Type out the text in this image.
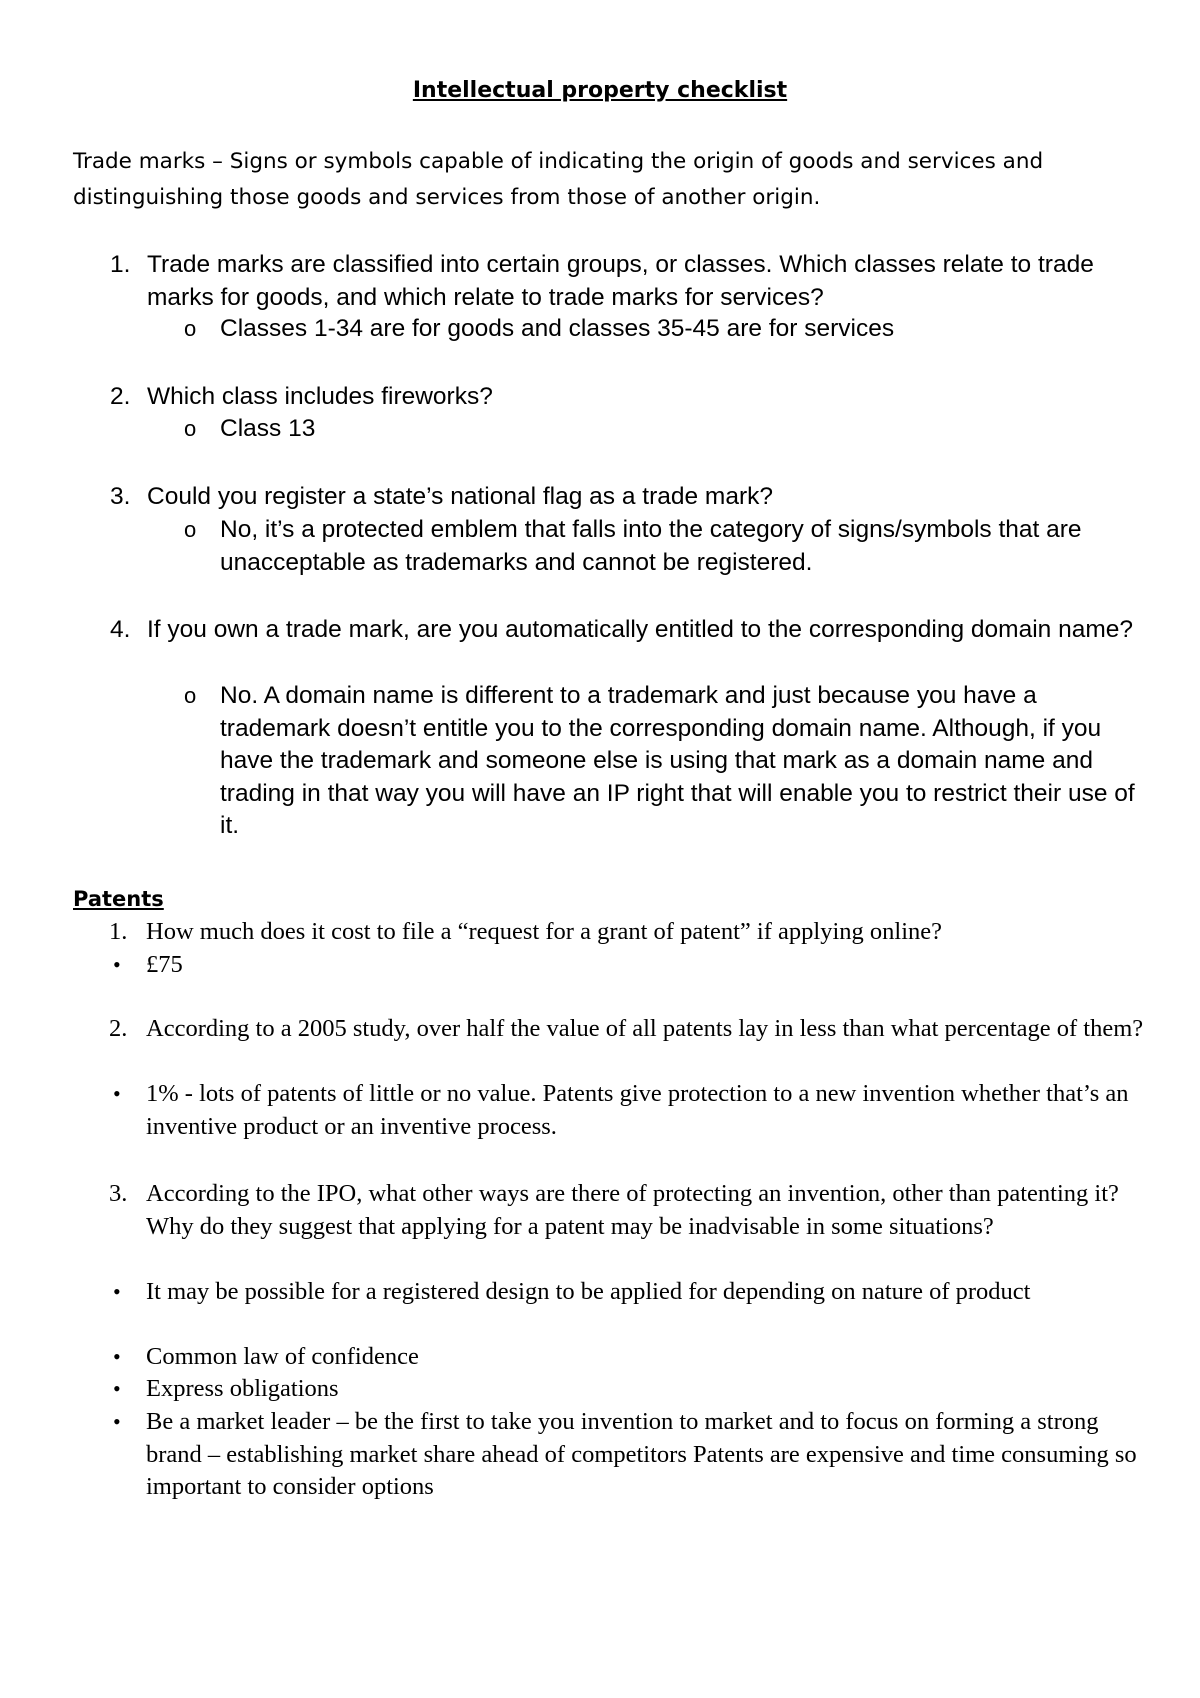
Intellectual property checklist
Trade marks – Signs or symbols capable of indicating the origin of goods and services and distinguishing those goods and services from those of another origin.
1. Trade marks are classified into certain groups, or classes. Which classes relate to trade marks for goods, and which relate to trade marks for services?
o Classes 1-34 are for goods and classes 35-45 are for services
2. Which class includes fireworks?
o Class 13
3. Could you register a state’s national flag as a trade mark?
o No, it’s a protected emblem that falls into the category of signs/symbols that are unacceptable as trademarks and cannot be registered.
4. If you own a trade mark, are you automatically entitled to the corresponding domain name?
o No. A domain name is different to a trademark and just because you have a trademark doesn’t entitle you to the corresponding domain name. Although, if you have the trademark and someone else is using that mark as a domain name and trading in that way you will have an IP right that will enable you to restrict their use of it.
Patents
1. How much does it cost to file a “request for a grant of patent” if applying online?
• £75
2. According to a 2005 study, over half the value of all patents lay in less than what percentage of them?
• 1% - lots of patents of little or no value. Patents give protection to a new invention whether that’s an inventive product or an inventive process.
3. According to the IPO, what other ways are there of protecting an invention, other than patenting it? Why do they suggest that applying for a patent may be inadvisable in some situations?
• It may be possible for a registered design to be applied for depending on nature of product
• Common law of confidence
• Express obligations
• Be a market leader – be the first to take you invention to market and to focus on forming a strong brand – establishing market share ahead of competitors Patents are expensive and time consuming so important to consider options
